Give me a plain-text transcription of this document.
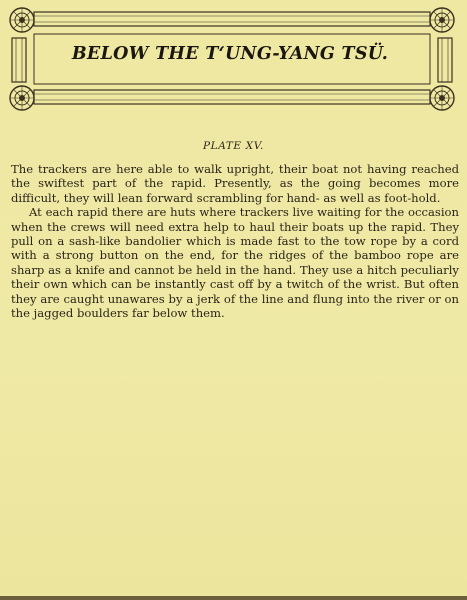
BELOW THE T‘UNG-YANG TSÜ.
PLATE XV.

The trackers are here able to walk upright, their boat not having reached the swiftest part of the rapid. Presently, as the going becomes more difficult, they will lean forward scrambling for hand- as well as foot-hold.

At each rapid there are huts where trackers live waiting for the occasion when the crews will need extra help to haul their boats up the rapid. They pull on a sash-like bandolier which is made fast to the tow rope by a cord with a strong button on the end, for the ridges of the bamboo rope are sharp as a knife and cannot be held in the hand. They use a hitch peculiarly their own which can be instantly cast off by a twitch of the wrist. But often they are caught unawares by a jerk of the line and flung into the river or on the jagged boulders far below them.
